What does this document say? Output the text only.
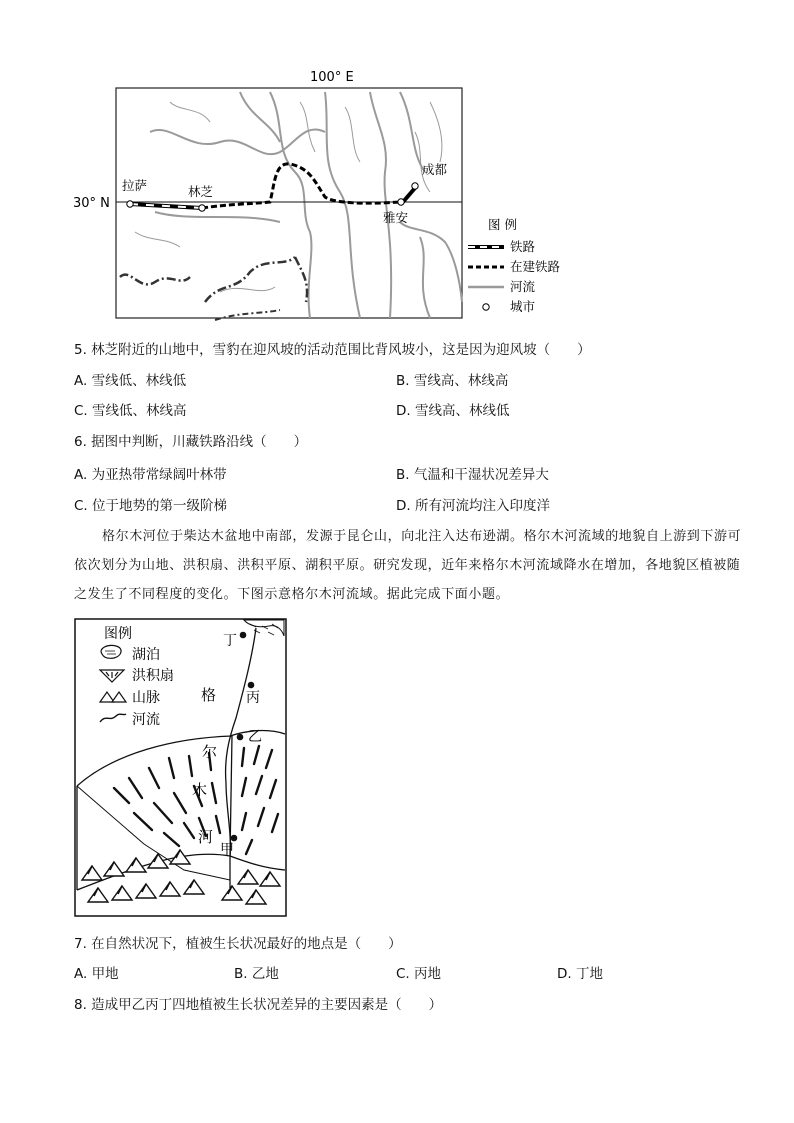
100° E
30° N
拉萨	林芝
成都
雅安	图 例
铁路
在建铁路
河流
城市
5. 林芝附近的山地中，雪豹在迎风坡的活动范围比背风坡小，这是因为迎风坡（　　）
A. 雪线低、林线低	B. 雪线高、林线高
C. 雪线低、林线高	D. 雪线高、林线低
6. 据图中判断，川藏铁路沿线（　　）
A. 为亚热带常绿阔叶林带	B. 气温和干湿状况差异大
C. 位于地势的第一级阶梯	D. 所有河流均注入印度洋
格尔木河位于柴达木盆地中南部，发源于昆仑山，向北注入达布逊湖。格尔木河流域的地貌自上游到下游可依次划分为山地、洪积扇、洪积平原、湖积平原。研究发现，近年来格尔木河流域降水在增加，各地貌区植被随之发生了不同程度的变化。下图示意格尔木河流域。据此完成下面小题。
图例
湖泊
洪积扇
山脉
河流
格
尔
木
河
丁
丙
乙
甲
7. 在自然状况下，植被生长状况最好的地点是（　　）
A. 甲地	B. 乙地	C. 丙地	D. 丁地
8. 造成甲乙丙丁四地植被生长状况差异的主要因素是（　　）
